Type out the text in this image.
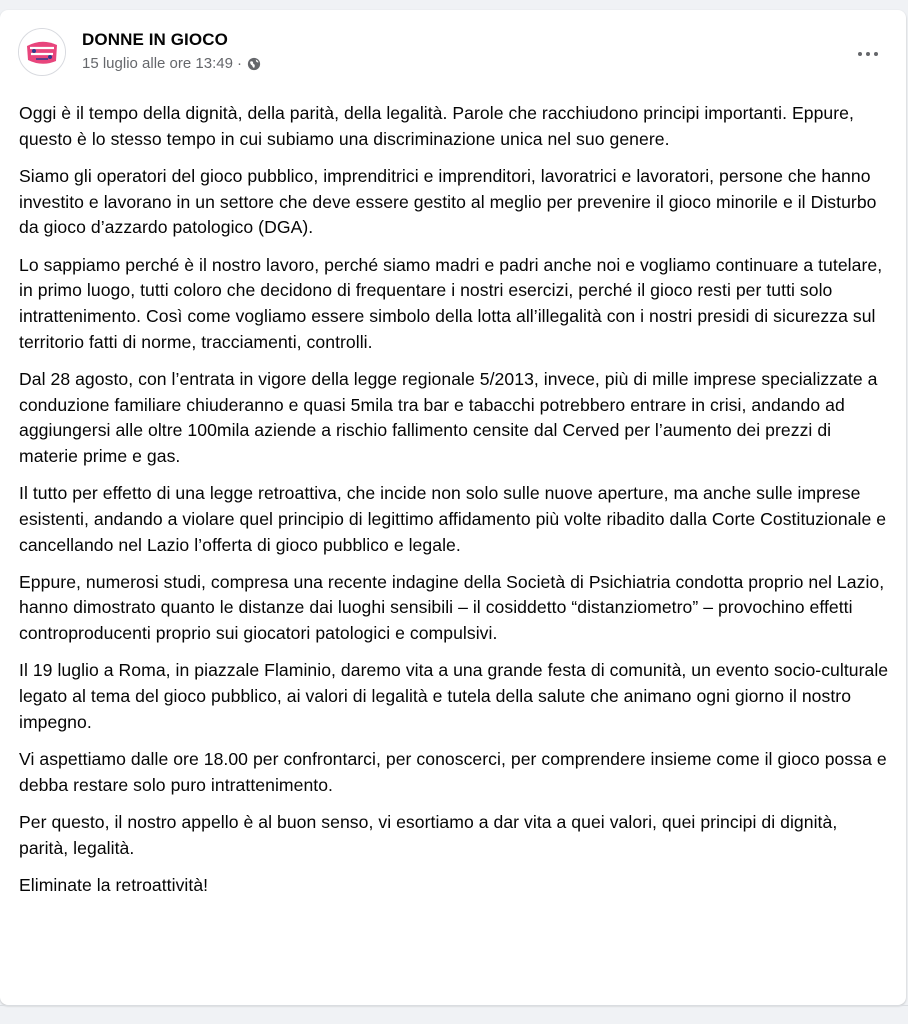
DONNE IN GIOCO
15 luglio alle ore 13:49 ·

Oggi è il tempo della dignità, della parità, della legalità. Parole che racchiudono principi importanti. Eppure, questo è lo stesso tempo in cui subiamo una discriminazione unica nel suo genere.

Siamo gli operatori del gioco pubblico, imprenditrici e imprenditori, lavoratrici e lavoratori, persone che hanno investito e lavorano in un settore che deve essere gestito al meglio per prevenire il gioco minorile e il Disturbo da gioco d’azzardo patologico (DGA).

Lo sappiamo perché è il nostro lavoro, perché siamo madri e padri anche noi e vogliamo continuare a tutelare, in primo luogo, tutti coloro che decidono di frequentare i nostri esercizi, perché il gioco resti per tutti solo intrattenimento. Così come vogliamo essere simbolo della lotta all’illegalità con i nostri presidi di sicurezza sul territorio fatti di norme, tracciamenti, controlli.

Dal 28 agosto, con l’entrata in vigore della legge regionale 5/2013, invece, più di mille imprese specializzate a conduzione familiare chiuderanno e quasi 5mila tra bar e tabacchi potrebbero entrare in crisi, andando ad aggiungersi alle oltre 100mila aziende a rischio fallimento censite dal Cerved per l’aumento dei prezzi di materie prime e gas.

Il tutto per effetto di una legge retroattiva, che incide non solo sulle nuove aperture, ma anche sulle imprese esistenti, andando a violare quel principio di legittimo affidamento più volte ribadito dalla Corte Costituzionale e cancellando nel Lazio l’offerta di gioco pubblico e legale.

Eppure, numerosi studi, compresa una recente indagine della Società di Psichiatria condotta proprio nel Lazio, hanno dimostrato quanto le distanze dai luoghi sensibili – il cosiddetto “distanziometro” – provochino effetti controproducenti proprio sui giocatori patologici e compulsivi.

Il 19 luglio a Roma, in piazzale Flaminio, daremo vita a una grande festa di comunità, un evento socio-culturale legato al tema del gioco pubblico, ai valori di legalità e tutela della salute che animano ogni giorno il nostro impegno.

Vi aspettiamo dalle ore 18.00 per confrontarci, per conoscerci, per comprendere insieme come il gioco possa e debba restare solo puro intrattenimento.

Per questo, il nostro appello è al buon senso, vi esortiamo a dar vita a quei valori, quei principi di dignità, parità, legalità.

Eliminate la retroattività!
